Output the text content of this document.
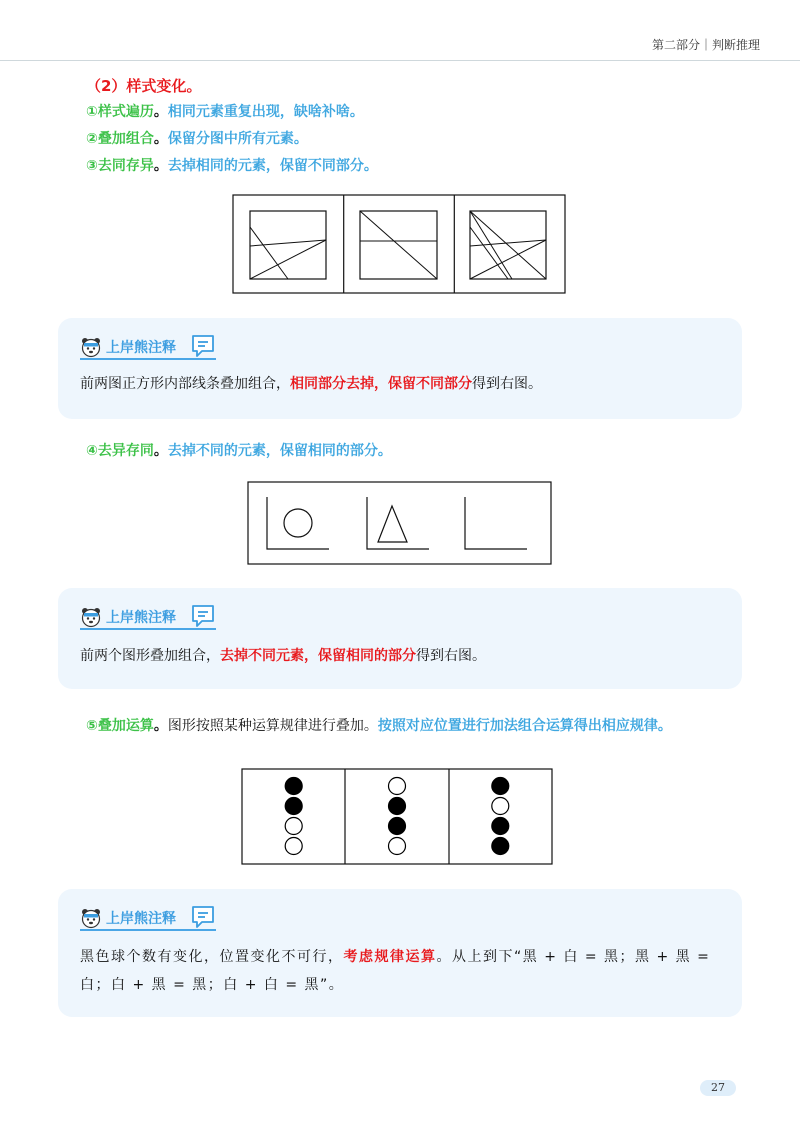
第二部分｜判断推理
（2）样式变化。
①样式遍历。相同元素重复出现，缺啥补啥。
②叠加组合。保留分图中所有元素。
③去同存异。去掉相同的元素，保留不同部分。
上岸熊注释
前两图正方形内部线条叠加组合，相同部分去掉，保留不同部分得到右图。
④去异存同。去掉不同的元素，保留相同的部分。
上岸熊注释
前两个图形叠加组合，去掉不同元素，保留相同的部分得到右图。
⑤叠加运算。图形按照某种运算规律进行叠加。按照对应位置进行加法组合运算得出相应规律。
上岸熊注释
黑色球个数有变化，位置变化不可行，考虑规律运算。从上到下“黑 + 白 = 黑；黑 + 黑 =
白；白 + 黑 = 黑；白 + 白 = 黑”。
27
